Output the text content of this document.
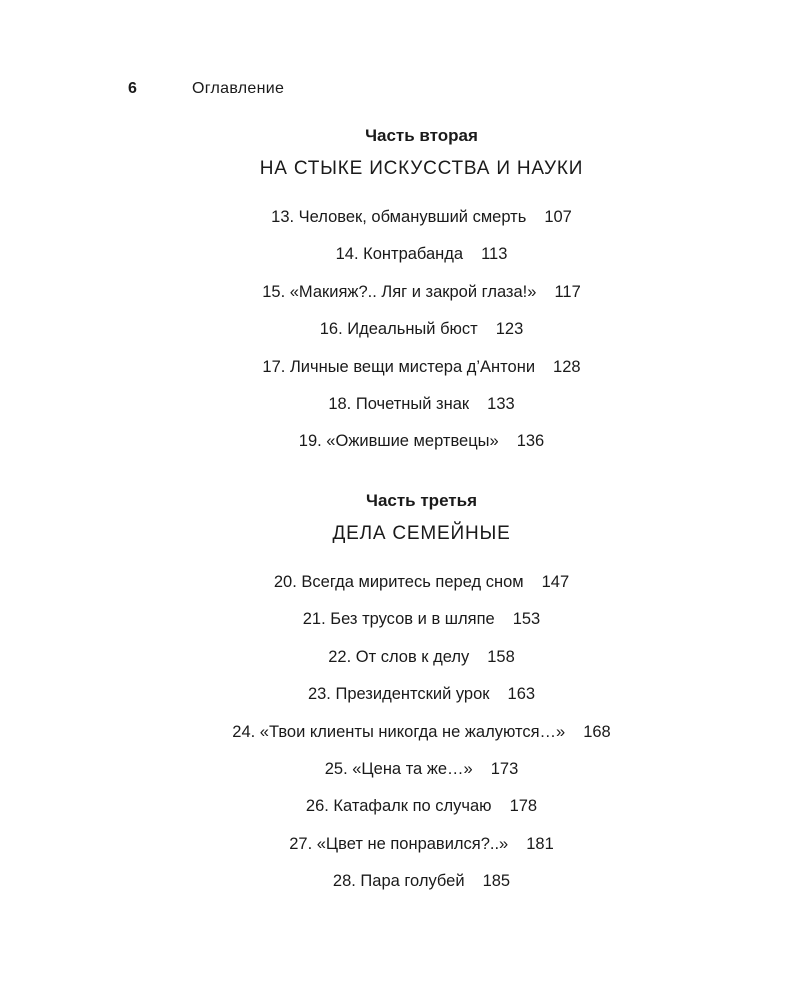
6	Оглавление
Часть вторая
НА СТЫКЕ ИСКУССТВА И НАУКИ
13. Человек, обманувший смерть 107
14. Контрабанда 113
15. «Макияж?.. Ляг и закрой глаза!» 117
16. Идеальный бюст 123
17. Личные вещи мистера д’Антони 128
18. Почетный знак 133
19. «Ожившие мертвецы» 136
Часть третья
ДЕЛА СЕМЕЙНЫЕ
20. Всегда миритесь перед сном 147
21. Без трусов и в шляпе 153
22. От слов к делу 158
23. Президентский урок 163
24. «Твои клиенты никогда не жалуются…» 168
25. «Цена та же…» 173
26. Катафалк по случаю 178
27. «Цвет не понравился?..» 181
28. Пара голубей 185
